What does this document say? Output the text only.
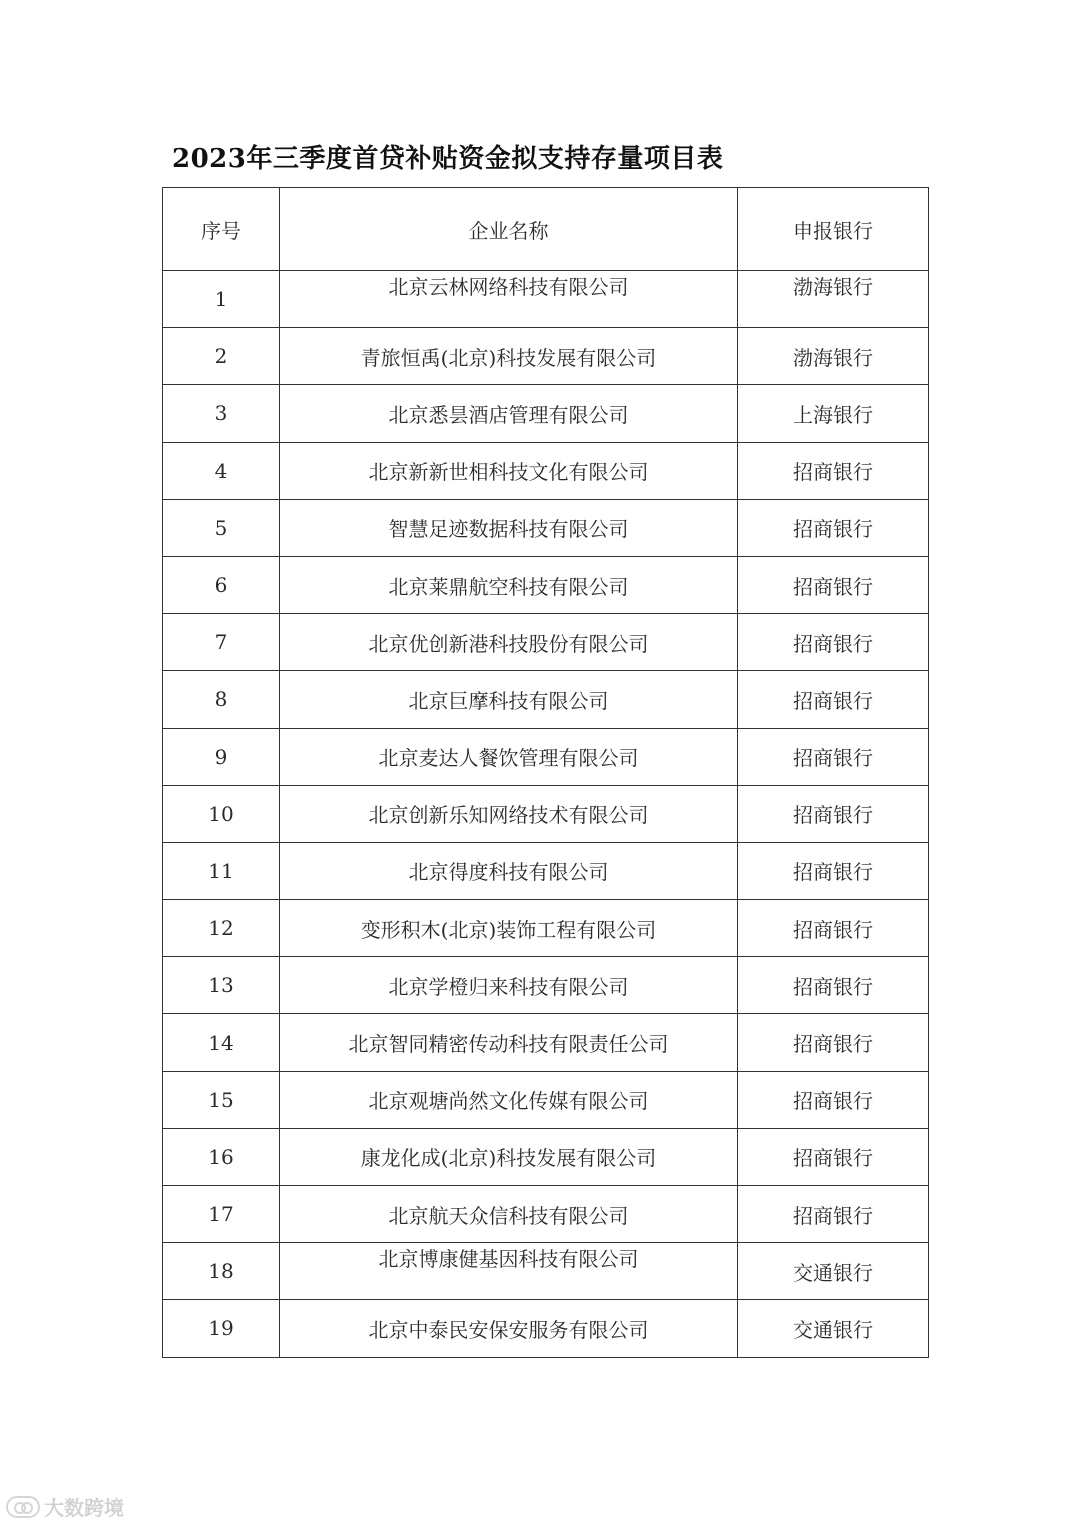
2023年三季度首贷补贴资金拟支持存量项目表
序号	企业名称	申报银行
1	北京云林网络科技有限公司	渤海银行
2	青旅恒禹(北京)科技发展有限公司	渤海银行
3	北京悉昙酒店管理有限公司	上海银行
4	北京新新世相科技文化有限公司	招商银行
5	智慧足迹数据科技有限公司	招商银行
6	北京莱鼎航空科技有限公司	招商银行
7	北京优创新港科技股份有限公司	招商银行
8	北京巨摩科技有限公司	招商银行
9	北京麦达人餐饮管理有限公司	招商银行
10	北京创新乐知网络技术有限公司	招商银行
11	北京得度科技有限公司	招商银行
12	变形积木(北京)装饰工程有限公司	招商银行
13	北京学橙归来科技有限公司	招商银行
14	北京智同精密传动科技有限责任公司	招商银行
15	北京观塘尚然文化传媒有限公司	招商银行
16	康龙化成(北京)科技发展有限公司	招商银行
17	北京航天众信科技有限公司	招商银行
18	北京博康健基因科技有限公司	交通银行
19	北京中泰民安保安服务有限公司	交通银行
大数跨境
